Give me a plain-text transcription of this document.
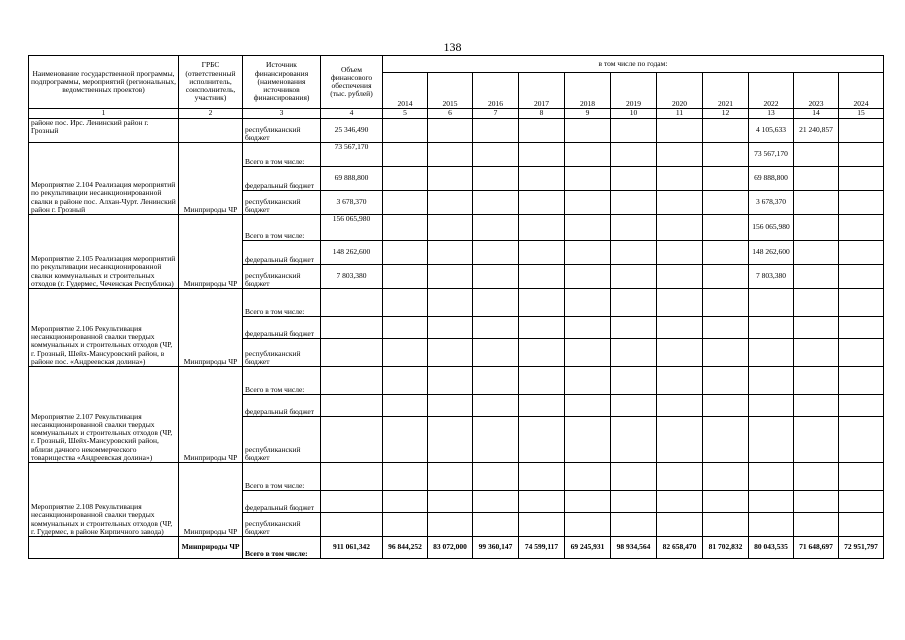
138
Наименование государственной программы, подпрограммы, мероприятий (региональных, ведомственных проектов)	ГРБС (ответственный исполнитель, соисполнитель, участник)	Источник финансирования (наименования источников финансирования)	Объем финансового обеспечения (тыс. рублей)	в том числе по годам:										
				2014	2015	2016	2017	2018	2019	2020	2021	2022	2023	2024
1	2	3	4	5	6	7	8	9	10	11	12	13	14	15
районе пос. Ирс. Ленинский район г. Грозный		республиканский бюджет	25 346,490									4 105,633	21 240,857	
Мероприятие 2.104 Реализация мероприятий по рекультивации несанкционированной свалки в районе пос. Алхан-Чурт. Ленинский район г. Грозный	Минприроды ЧР	Всего в том числе:	73 567,170									73 567,170		
		федеральный бюджет	69 888,800									69 888,800		
		республиканский бюджет	3 678,370									3 678,370		
Мероприятие 2.105 Реализация мероприятий по рекультивации несанкционированной свалки коммунальных и строительных отходов (г. Гудермес, Чеченская Республика)	Минприроды ЧР	Всего в том числе:	156 065,980									156 065,980		
		федеральный бюджет	148 262,600									148 262,600		
		республиканский бюджет	7 803,380									7 803,380		
Мероприятие 2.106 Рекультивация несанкционированной свалки твердых коммунальных и строительных отходов (ЧР, г. Грозный, Шейх-Мансуровский район, в районе пос. «Андреевская долина»)	Минприроды ЧР	Всего в том числе:												
		федеральный бюджет												
		республиканский бюджет												
Мероприятие 2.107 Рекультивация несанкционированной свалки твердых коммунальных и строительных отходов (ЧР, г. Грозный, Шейх-Мансуровский район, вблизи дачного некоммерческого товарищества «Андреевская долина»)	Минприроды ЧР	Всего в том числе:												
		федеральный бюджет												
		республиканский бюджет												
Мероприятие 2.108 Рекультивация несанкционированной свалки твердых коммунальных и строительных отходов (ЧР, г. Гудермес, в районе Кирпичного завода)	Минприроды ЧР	Всего в том числе:												
		федеральный бюджет												
		республиканский бюджет												
	Минприроды ЧР	Всего в том числе:	911 061,342	96 844,252	83 072,000	99 360,147	74 599,117	69 245,931	98 934,564	82 658,470	81 702,832	80 043,535	71 648,697	72 951,797
